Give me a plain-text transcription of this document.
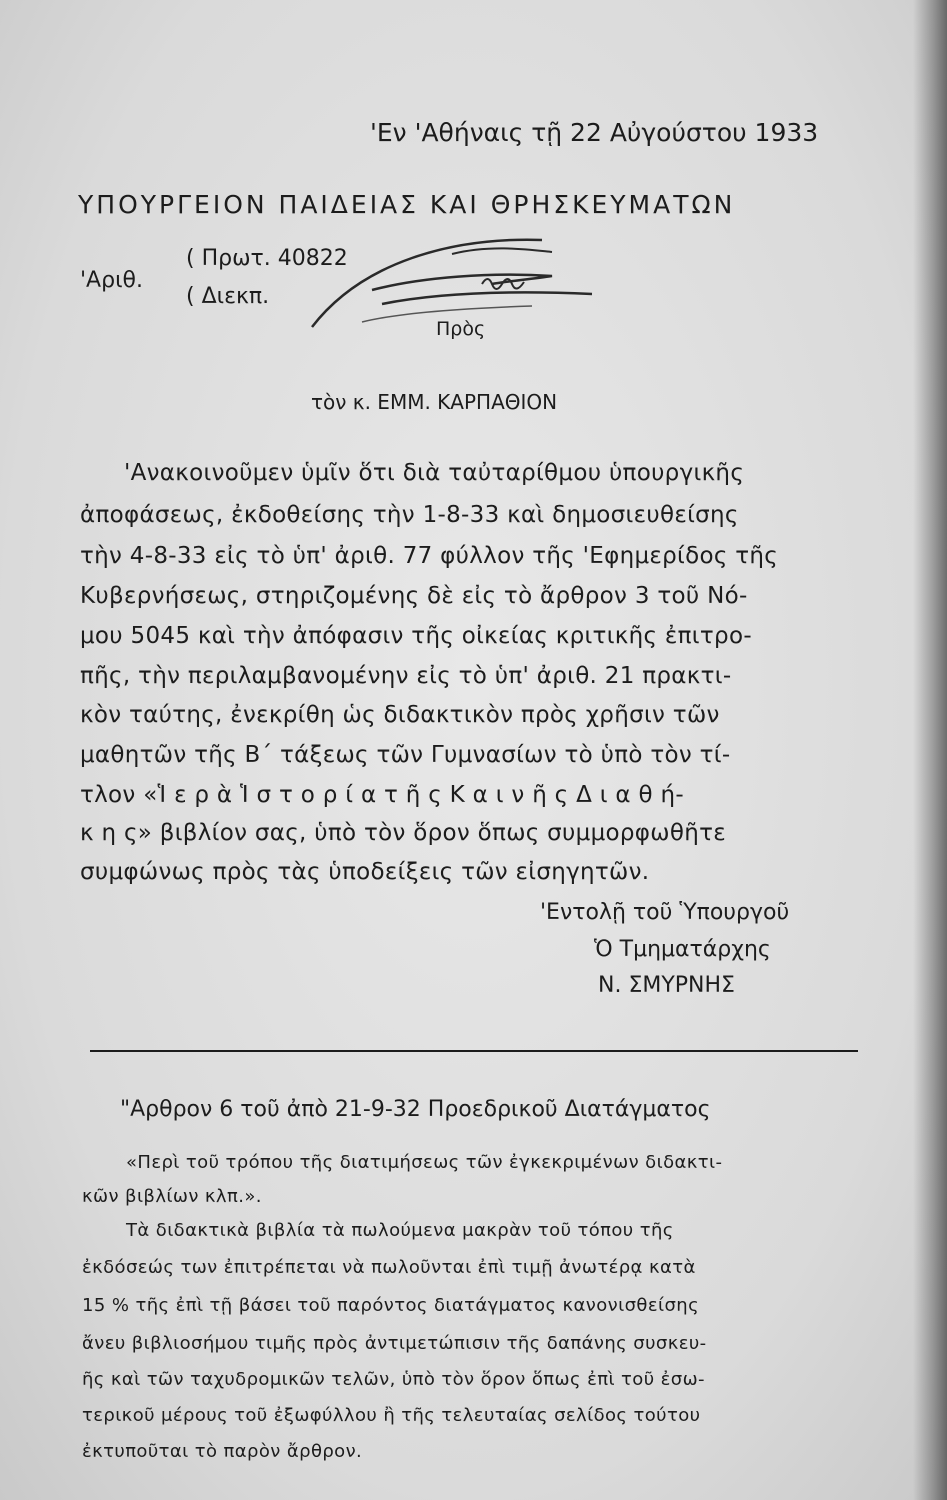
'Εν 'Αθήναις τῇ 22 Αὐγούστου 1933
ΥΠΟΥΡΓΕΙΟΝ ΠΑΙΔΕΙΑΣ ΚΑΙ ΘΡΗΣΚΕΥΜΑΤΩΝ
'Αριθ.
( Πρωτ. 40822
( Διεκπ.
Πρὸς
τὸν κ. ΕΜΜ. ΚΑΡΠΑΘΙΟΝ
'Ανακοινοῦμεν ὑμῖν ὅτι διὰ ταὐταρίθμου ὑπουργικῆς
ἀποφάσεως, ἐκδοθείσης τὴν 1-8-33 καὶ δημοσιευθείσης
τὴν 4-8-33 εἰς τὸ ὑπ' ἀριθ. 77 φύλλον τῆς 'Εφημερίδος τῆς
Κυβερνήσεως, στηριζομένης δὲ εἰς τὸ ἄρθρον 3 τοῦ Νό-
μου 5045 καὶ τὴν ἀπόφασιν τῆς οἰκείας κριτικῆς ἐπιτρο-
πῆς, τὴν περιλαμβανομένην εἰς τὸ ὑπ' ἀριθ. 21 πρακτι-
κὸν ταύτης, ἐνεκρίθη ὡς διδακτικὸν πρὸς χρῆσιν τῶν
μαθητῶν τῆς Β΄ τάξεως τῶν Γυμνασίων τὸ ὑπὸ τὸν τί-
τλον «Ἱ ε ρ ὰ Ἱ σ τ ο ρ ί α τ ῆ ς Κ α ι ν ῆ ς Δ ι α θ ή-
κ η ς» βιβλίον σας, ὑπὸ τὸν ὅρον ὅπως συμμορφωθῆτε
συμφώνως πρὸς τὰς ὑποδείξεις τῶν εἰσηγητῶν.
'Εντολῇ τοῦ Ὑπουργοῦ
Ὁ Τμηματάρχης
Ν. ΣΜΥΡΝΗΣ
"Αρθρον 6 τοῦ ἀπὸ 21-9-32 Προεδρικοῦ Διατάγματος
«Περὶ τοῦ τρόπου τῆς διατιμήσεως τῶν ἐγκεκριμένων διδακτι-
κῶν βιβλίων κλπ.».
Τὰ διδακτικὰ βιβλία τὰ πωλούμενα μακρὰν τοῦ τόπου τῆς
ἐκδόσεώς των ἐπιτρέπεται νὰ πωλοῦνται ἐπὶ τιμῇ ἀνωτέρᾳ κατὰ
15 % τῆς ἐπὶ τῇ βάσει τοῦ παρόντος διατάγματος κανονισθείσης
ἄνευ βιβλιοσήμου τιμῆς πρὸς ἀντιμετώπισιν τῆς δαπάνης συσκευ-
ῆς καὶ τῶν ταχυδρομικῶν τελῶν, ὑπὸ τὸν ὅρον ὅπως ἐπὶ τοῦ ἐσω-
τερικοῦ μέρους τοῦ ἐξωφύλλου ἢ τῆς τελευταίας σελίδος τούτου
ἐκτυποῦται τὸ παρὸν ἄρθρον.
